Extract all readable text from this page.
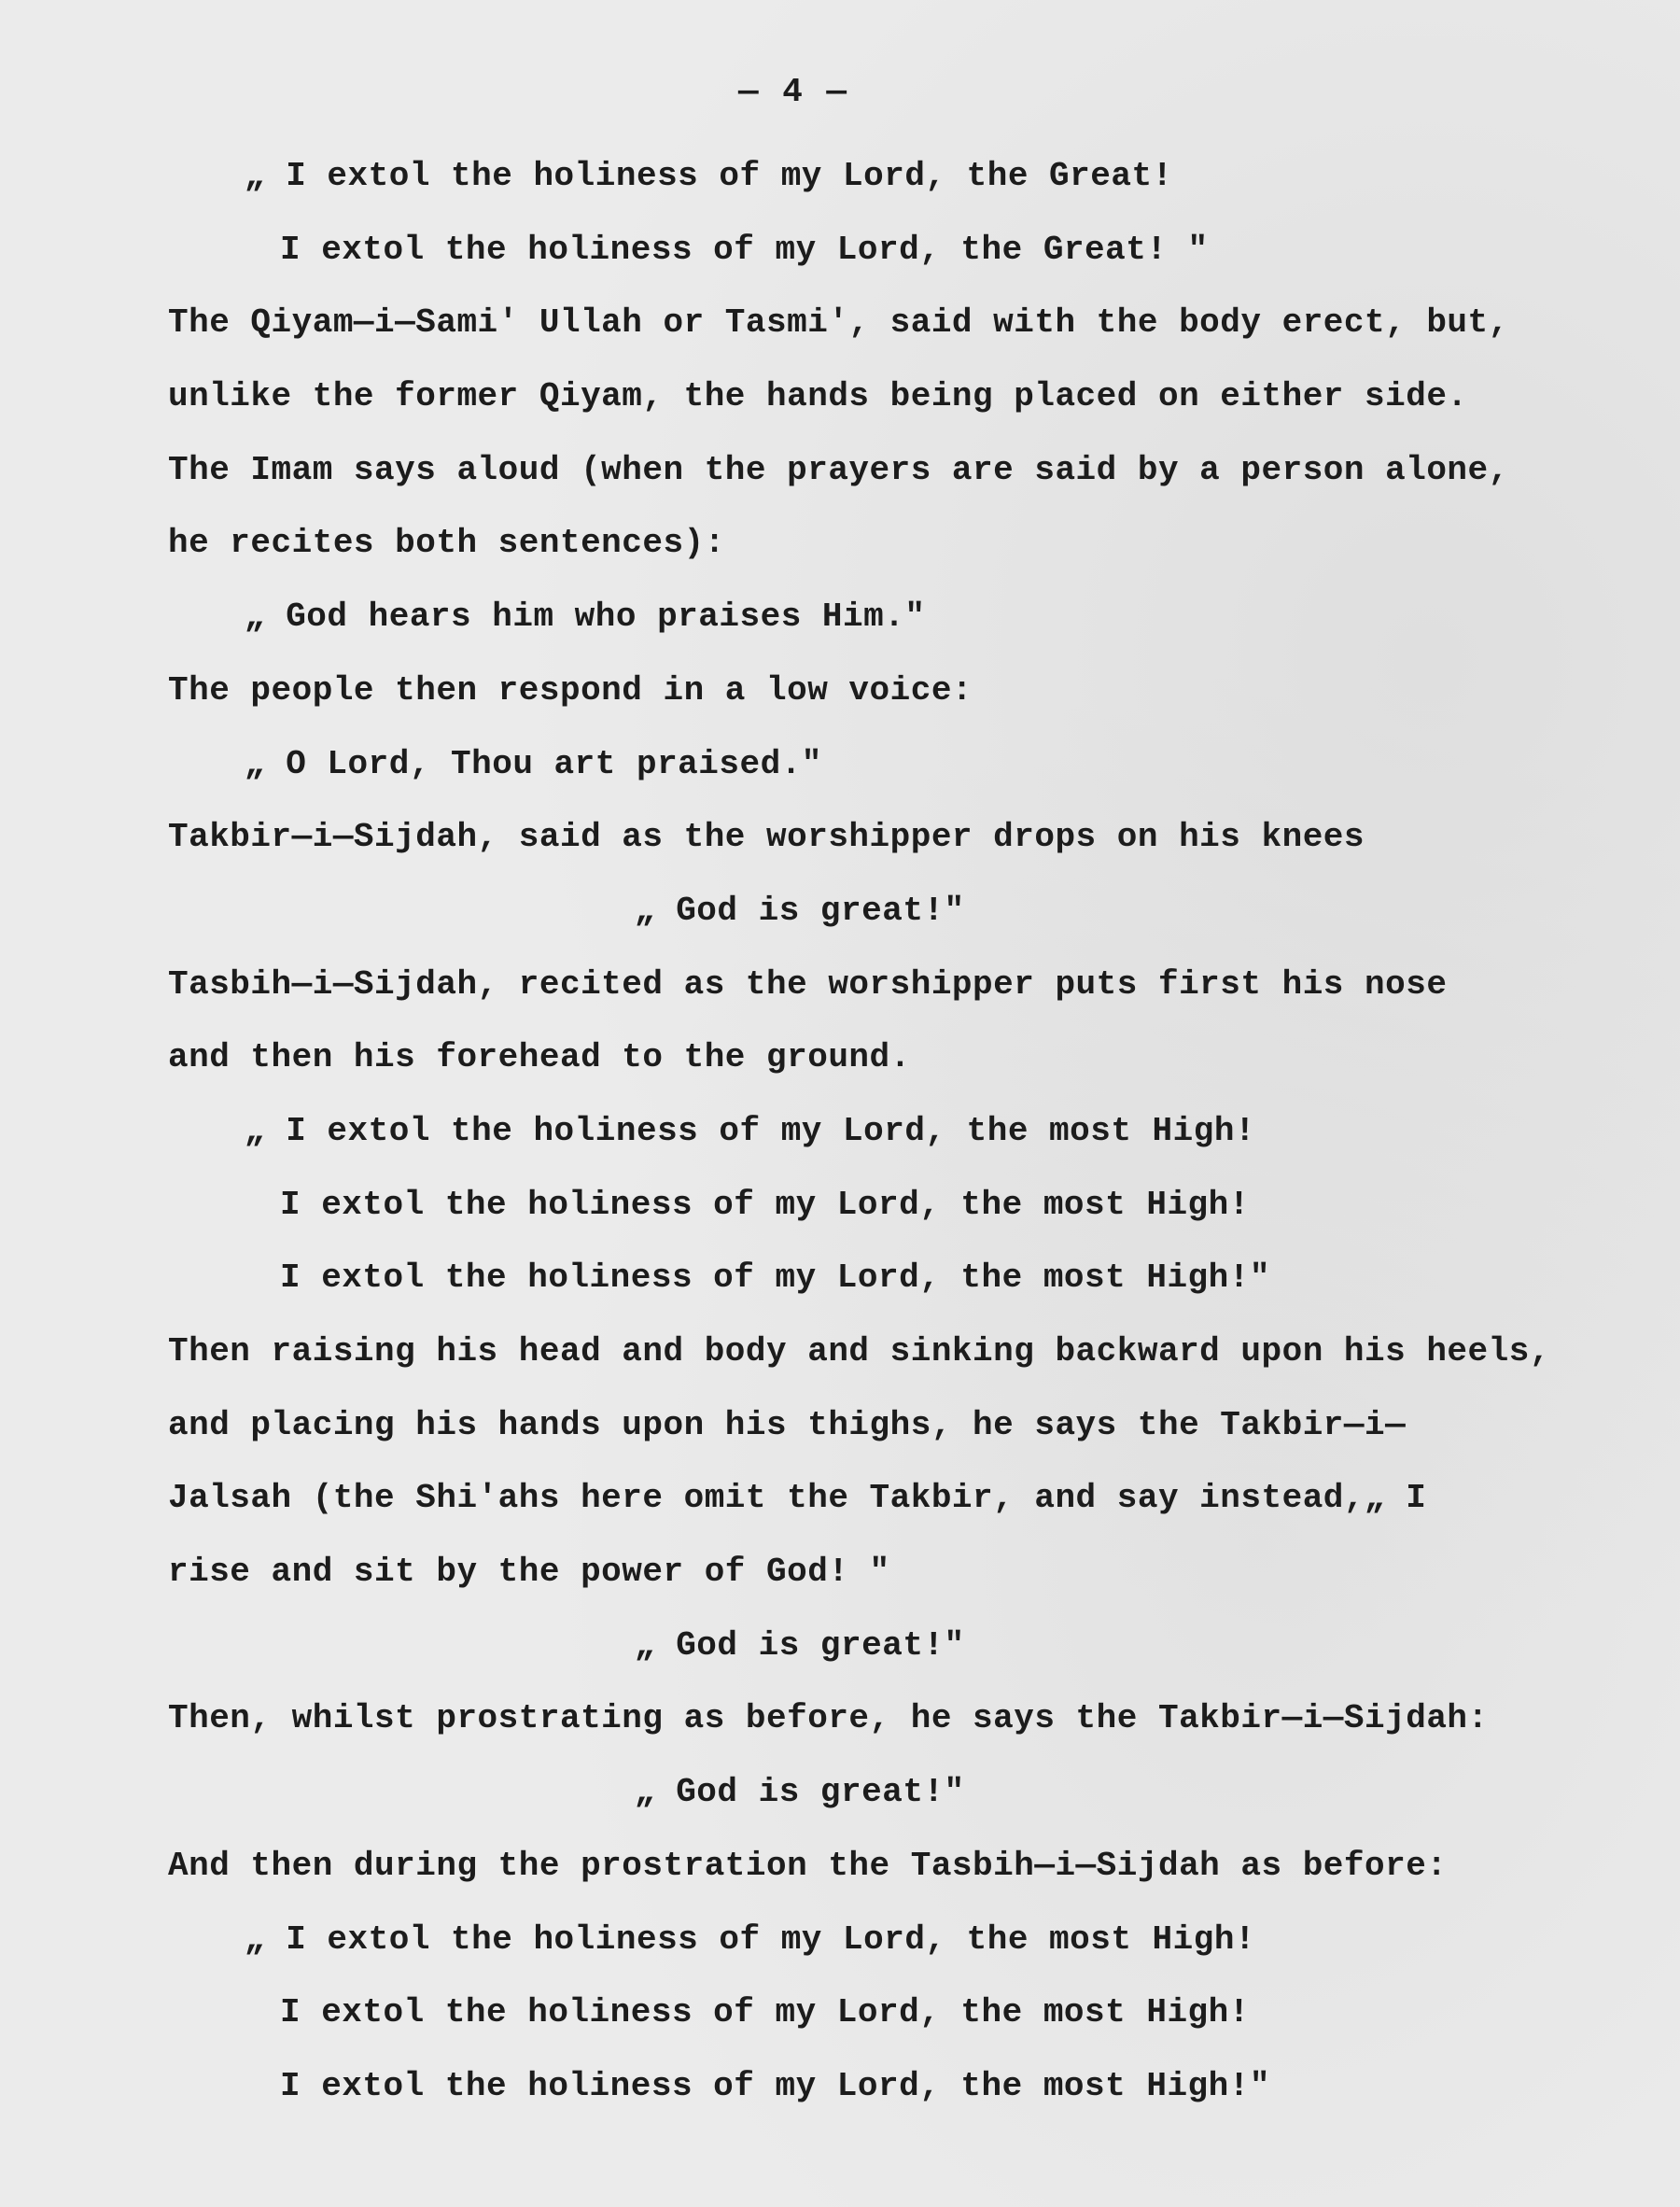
— 4 —
„ I extol the holiness of my Lord, the Great!
I extol the holiness of my Lord, the Great! "
The Qiyam—i—Sami' Ullah or Tasmi', said with the body erect, but,
unlike the former Qiyam, the hands being placed on either side.
The Imam says aloud (when the prayers are said by a person alone,
he recites both sentences):
„ God hears him who praises Him."
The people then respond in a low voice:
„ O Lord, Thou art praised."
Takbir—i—Sijdah, said as the worshipper drops on his knees
„ God is great!"
Tasbih—i—Sijdah, recited as the worshipper puts first his nose
and then his forehead to the ground.
„ I extol the holiness of my Lord, the most High!
I extol the holiness of my Lord, the most High!
I extol the holiness of my Lord, the most High!"
Then raising his head and body and sinking backward upon his heels,
and placing his hands upon his thighs, he says the Takbir—i—
Jalsah (the Shi'ahs here omit the Takbir, and say instead,„ I
rise and sit by the power of God! "
„ God is great!"
Then, whilst prostrating as before, he says the Takbir—i—Sijdah:
„ God is great!"
And then during the prostration the Tasbih—i—Sijdah as before:
„ I extol the holiness of my Lord, the most High!
I extol the holiness of my Lord, the most High!
I extol the holiness of my Lord, the most High!"
